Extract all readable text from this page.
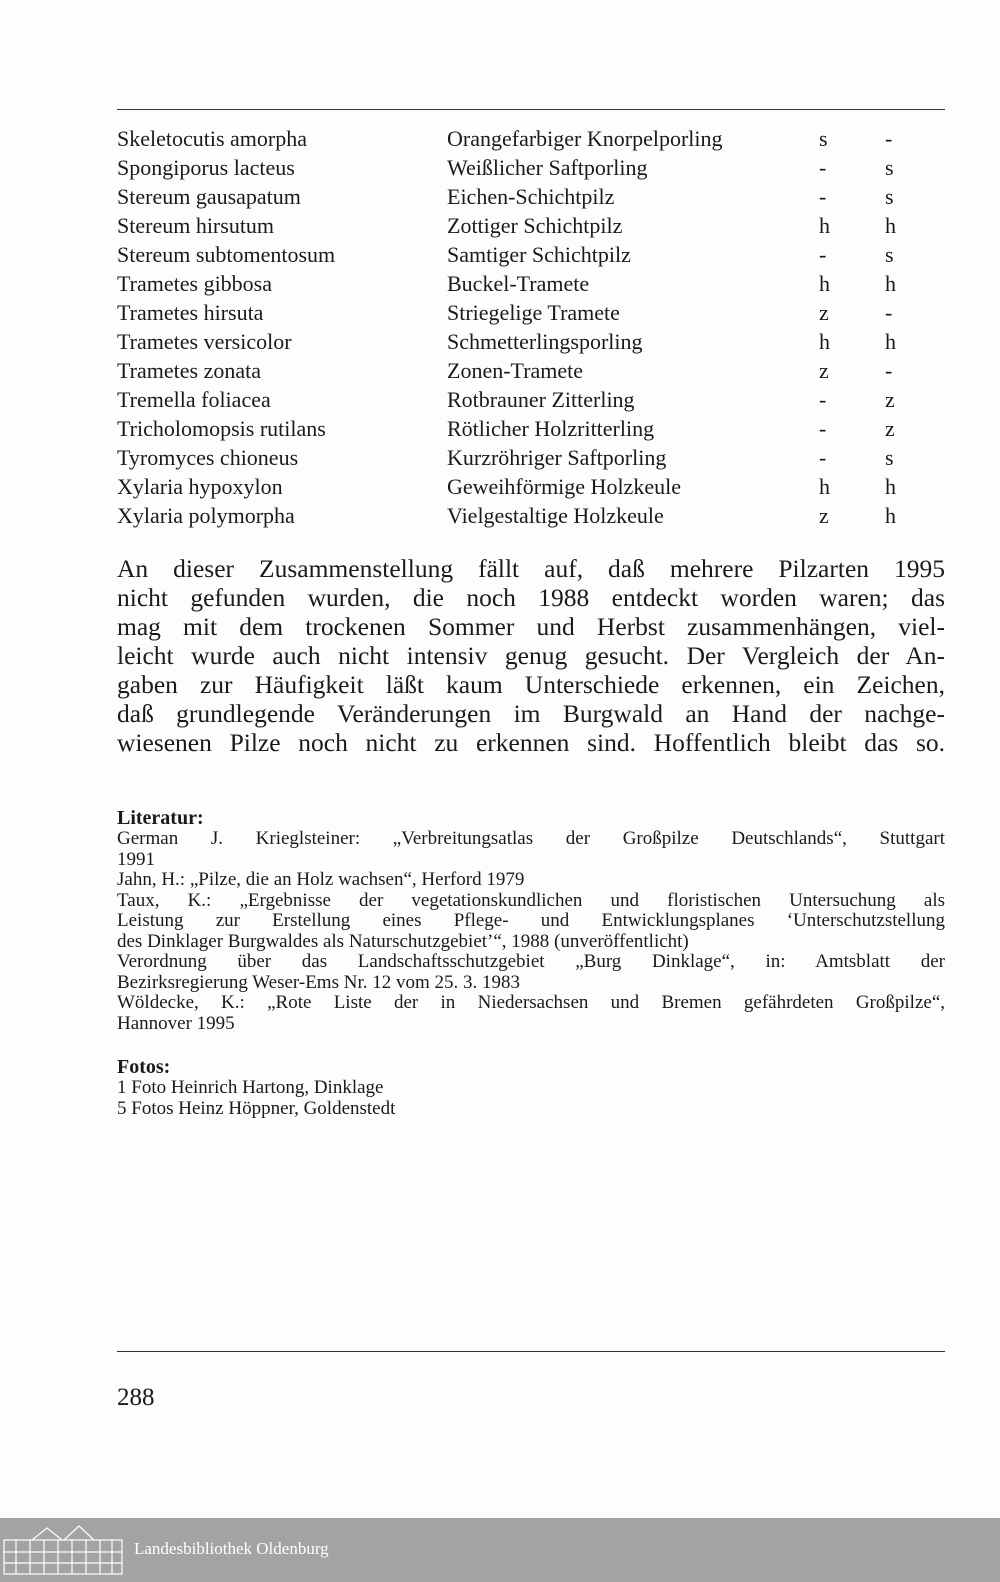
Skeletocutis amorpha	Orangefarbiger Knorpelporling	s	-
Spongiporus lacteus	Weißlicher Saftporling	-	s
Stereum gausapatum	Eichen-Schichtpilz	-	s
Stereum hirsutum	Zottiger Schichtpilz	h	h
Stereum subtomentosum	Samtiger Schichtpilz	-	s
Trametes gibbosa	Buckel-Tramete	h	h
Trametes hirsuta	Striegelige Tramete	z	-
Trametes versicolor	Schmetterlingsporling	h	h
Trametes zonata	Zonen-Tramete	z	-
Tremella foliacea	Rotbrauner Zitterling	-	z
Tricholomopsis rutilans	Rötlicher Holzritterling	-	z
Tyromyces chioneus	Kurzröhriger Saftporling	-	s
Xylaria hypoxylon	Geweihförmige Holzkeule	h	h
Xylaria polymorpha	Vielgestaltige Holzkeule	z	h
An dieser Zusammenstellung fällt auf, daß mehrere Pilzarten 1995
nicht gefunden wurden, die noch 1988 entdeckt worden waren; das
mag mit dem trockenen Sommer und Herbst zusammenhängen, viel-
leicht wurde auch nicht intensiv genug gesucht. Der Vergleich der An-
gaben zur Häufigkeit läßt kaum Unterschiede erkennen, ein Zeichen,
daß grundlegende Veränderungen im Burgwald an Hand der nachge-
wiesenen Pilze noch nicht zu erkennen sind. Hoffentlich bleibt das so.
Literatur:
German J. Krieglsteiner: „Verbreitungsatlas der Großpilze Deutschlands“, Stuttgart
1991
Jahn, H.: „Pilze, die an Holz wachsen“, Herford 1979
Taux, K.: „Ergebnisse der vegetationskundlichen und floristischen Untersuchung als
Leistung zur Erstellung eines Pflege- und Entwicklungsplanes ‘Unterschutzstellung
des Dinklager Burgwaldes als Naturschutzgebiet’“, 1988 (unveröffentlicht)
Verordnung über das Landschaftsschutzgebiet „Burg Dinklage“, in: Amtsblatt der
Bezirksregierung Weser-Ems Nr. 12 vom 25. 3. 1983
Wöldecke, K.: „Rote Liste der in Niedersachsen und Bremen gefährdeten Großpilze“,
Hannover 1995
Fotos:
1 Foto Heinrich Hartong, Dinklage
5 Fotos Heinz Höppner, Goldenstedt
288
Landesbibliothek Oldenburg
